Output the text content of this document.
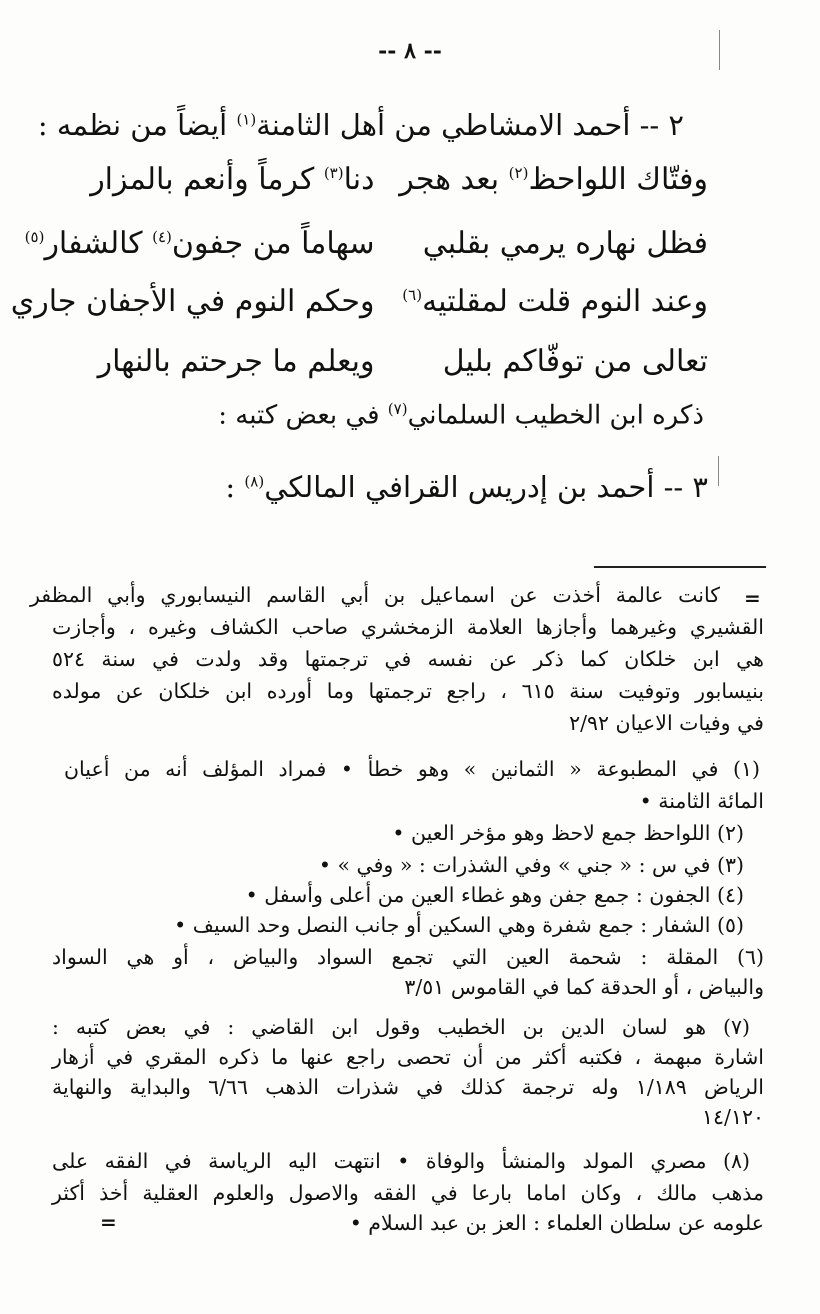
-- ٨ --
٢ -- أحمد الامشاطي من أهل الثامنة$^{(١)}$ أيضاً من نظمه :
وفتّاك اللواحظ$^{(٢)}$ بعد هجر دنا$^{(٣)}$ كرماً وأنعم بالمزار
فظل نهاره يرمي بقلبي سهاماً من جفون$^{(٤)}$ كالشفار$^{(٥)}$
وعند النوم قلت لمقلتيه$^{(٦)}$ وحكم النوم في الأجفان جاري
تعالى من توفّاكم بليل ويعلم ما جرحتم بالنهار
ذكره ابن الخطيب السلماني$^{(٧)}$ في بعض كتبه :
٣ -- أحمد بن إدريس القرافي المالكي$^{(٨)}$ :
=
كانت عالمة أخذت عن اسماعيل بن أبي القاسم النيسابوري وأبي المظفر
القشيري وغيرهما وأجازها العلامة الزمخشري صاحب الكشاف وغيره ، وأجازت
هي ابن خلكان كما ذكر عن نفسه في ترجمتها وقد ولدت في سنة ٥٢٤
بنيسابور وتوفيت سنة ٦١٥ ، راجع ترجمتها وما أورده ابن خلكان عن مولده
في وفيات الاعيان ٢/٩٢
(١) في المطبوعة « الثمانين » وهو خطأ • فمراد المؤلف أنه من أعيان
المائة الثامنة •
(٢) اللواحظ جمع لاحظ وهو مؤخر العين •
(٣) في س : « جني » وفي الشذرات : « وفي » •
(٤) الجفون : جمع جفن وهو غطاء العين من أعلى وأسفل •
(٥) الشفار : جمع شفرة وهي السكين أو جانب النصل وحد السيف •
(٦) المقلة : شحمة العين التي تجمع السواد والبياض ، أو هي السواد
والبياض ، أو الحدقة كما في القاموس ٣/٥١
(٧) هو لسان الدين بن الخطيب وقول ابن القاضي : في بعض كتبه :
اشارة مبهمة ، فكتبه أكثر من أن تحصى راجع عنها ما ذكره المقري في أزهار
الرياض ١/١٨٩ وله ترجمة كذلك في شذرات الذهب ٦/٦٦ والبداية والنهاية
١٤/١٢٠
(٨) مصري المولد والمنشأ والوفاة • انتهت اليه الرياسة في الفقه على
مذهب مالك ، وكان اماما بارعا في الفقه والاصول والعلوم العقلية أخذ أكثر
علومه عن سلطان العلماء : العز بن عبد السلام •
=
